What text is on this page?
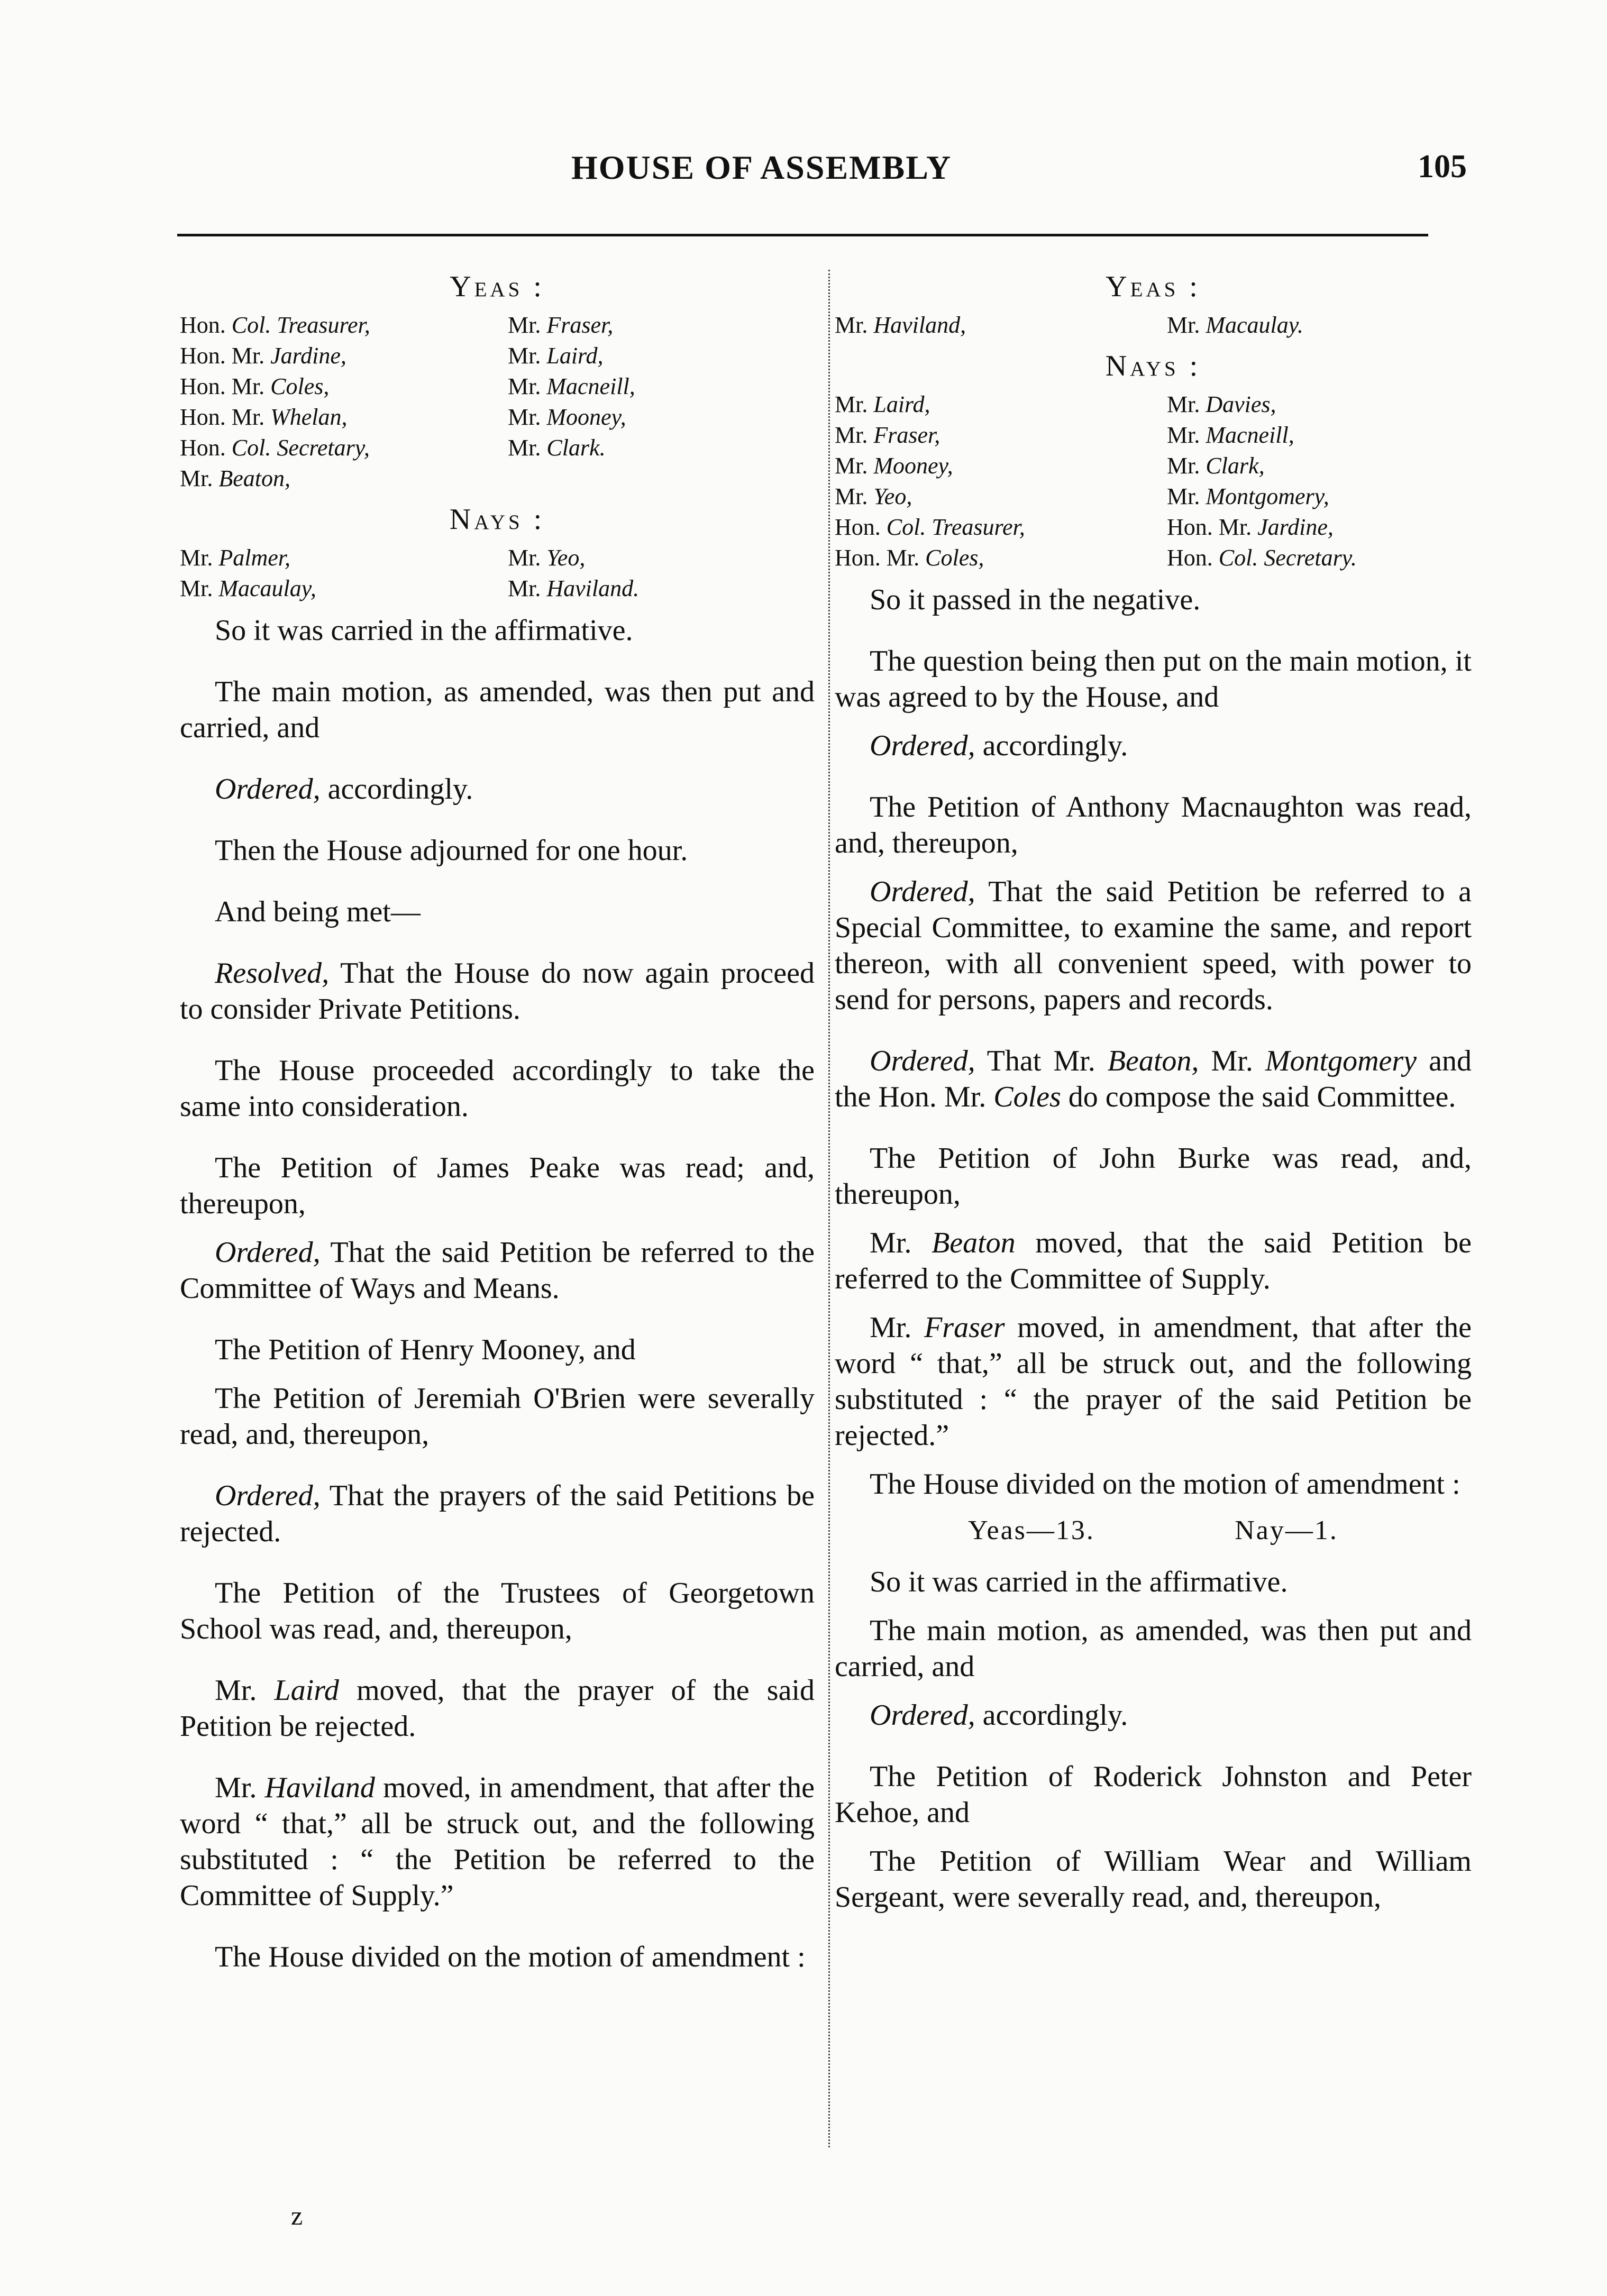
HOUSE OF ASSEMBLY	105
Yeas :
Hon. Col. Treasurer,	Mr. Fraser,
Hon. Mr. Jardine,	Mr. Laird,
Hon. Mr. Coles,	Mr. Macneill,
Hon. Mr. Whelan,	Mr. Mooney,
Hon. Col. Secretary,	Mr. Clark.
Mr. Beaton,
Nays :
Mr. Palmer,	Mr. Yeo,
Mr. Macaulay,	Mr. Haviland.

So it was carried in the affirmative.

The main motion, as amended, was then put and carried, and

Ordered, accordingly.

Then the House adjourned for one hour.

And being met—

Resolved, That the House do now again proceed to consider Private Petitions.

The House proceeded accordingly to take the same into consideration.

The Petition of James Peake was read; and, thereupon,

Ordered, That the said Petition be referred to the Committee of Ways and Means.

The Petition of Henry Mooney, and

The Petition of Jeremiah O'Brien were severally read, and, thereupon,

Ordered, That the prayers of the said Petitions be rejected.

The Petition of the Trustees of Georgetown School was read, and, thereupon,

Mr. Laird moved, that the prayer of the said Petition be rejected.

Mr. Haviland moved, in amendment, that after the word “ that,” all be struck out, and the following substituted : “ the Petition be referred to the Committee of Supply.”

The House divided on the motion of amendment :

Yeas :
Mr. Haviland,	Mr. Macaulay.
Nays :
Mr. Laird,	Mr. Davies,
Mr. Fraser,	Mr. Macneill,
Mr. Mooney,	Mr. Clark,
Mr. Yeo,	Mr. Montgomery,
Hon. Col. Treasurer,	Hon. Mr. Jardine,
Hon. Mr. Coles,	Hon. Col. Secretary.

So it passed in the negative.

The question being then put on the main motion, it was agreed to by the House, and

Ordered, accordingly.

The Petition of Anthony Macnaughton was read, and, thereupon,

Ordered, That the said Petition be referred to a Special Committee, to examine the same, and report thereon, with all convenient speed, with power to send for persons, papers and records.

Ordered, That Mr. Beaton, Mr. Montgomery and the Hon. Mr. Coles do compose the said Committee.

The Petition of John Burke was read, and, thereupon,

Mr. Beaton moved, that the said Petition be referred to the Committee of Supply.

Mr. Fraser moved, in amendment, that after the word “ that,” all be struck out, and the following substituted : “ the prayer of the said Petition be rejected.”

The House divided on the motion of amendment :

Yeas—13.	Nay—1.

So it was carried in the affirmative.

The main motion, as amended, was then put and carried, and

Ordered, accordingly.

The Petition of Roderick Johnston and Peter Kehoe, and

The Petition of William Wear and William Sergeant, were severally read, and, thereupon,

z
